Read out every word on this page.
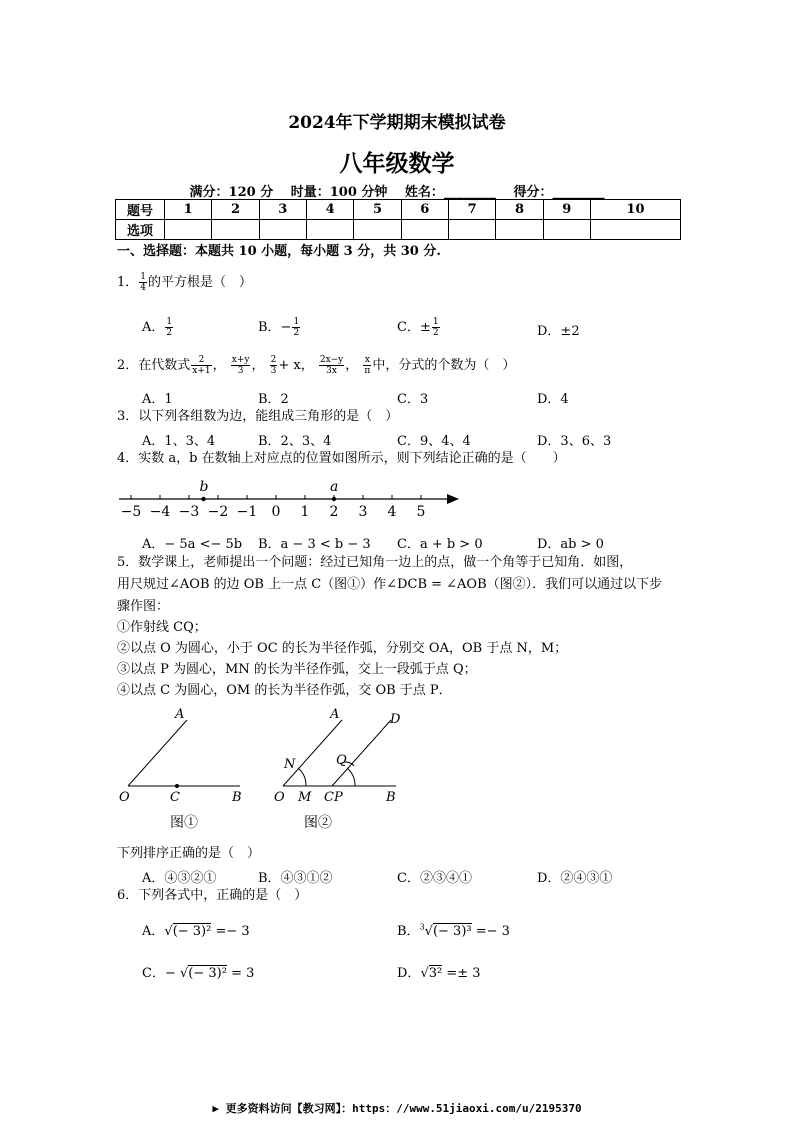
2024年下学期期末模拟试卷
八年级数学
满分：120 分　 时量：100 分钟　 姓名：________　 得分：________
题号	1	2	3	4	5	6	7	8	9	10
选项										
一、选择题：本题共 10 小题，每小题 3 分，共 30 分.
1． $\frac{1}{4}$ 的平方根是（　）
A． $\frac{1}{2}$	B．− $\frac{1}{2}$	C．± $\frac{1}{2}$	D．±2
2．在代数式 $\frac{2}{x+1}$ ， $\frac{x+y}{3}$ ， $\frac{2}{3} + x$， $\frac{2x-y}{3x}$ ， $\frac{x}{\pi}$ 中，分式的个数为（　）
A．1	B．2	C．3	D．4
3．以下列各组数为边，能组成三角形的是（　）
A．1、3、4	B．2、3、4	C．9、4、4	D．3、6、3
4．实数 a，b 在数轴上对应点的位置如图所示，则下列结论正确的是（　　）
−5 −4 −3 −2 −1 0 1 2 3 4 5
b	a
A．− 5a <− 5b B．a − 3 < b − 3 C．a + b > 0	D．ab > 0
5．数学课上，老师提出一个问题：经过已知角一边上的点，做一个角等于已知角．如图，
用尺规过∠AOB 的边 OB 上一点 C（图①）作∠DCB = ∠AOB（图②）．我们可以通过以下步
骤作图：
①作射线 CQ；
②以点 O 为圆心，小于 OC 的长为半径作弧，分别交 OA，OB 于点 N，M；
③以点 P 为圆心，MN 的长为半径作弧，交上一段弧于点 Q；
④以点 C 为圆心，OM 的长为半径作弧，交 OB 于点 P．
A
O	C	B
图①
A	D
N	Q
O M CP	B
图②
下列排序正确的是（　）
A．④③②①	B．④③①②	C．②③④①	D．②④③①
6．下列各式中，正确的是（　）
A．√(− 3)² =− 3	B．$^3$√(− 3)³ =− 3
C．− √(− 3)² = 3	D．√3² =± 3
▶ 更多资料访问【教习网】：https：//www.51jiaoxi.com/u/2195370
